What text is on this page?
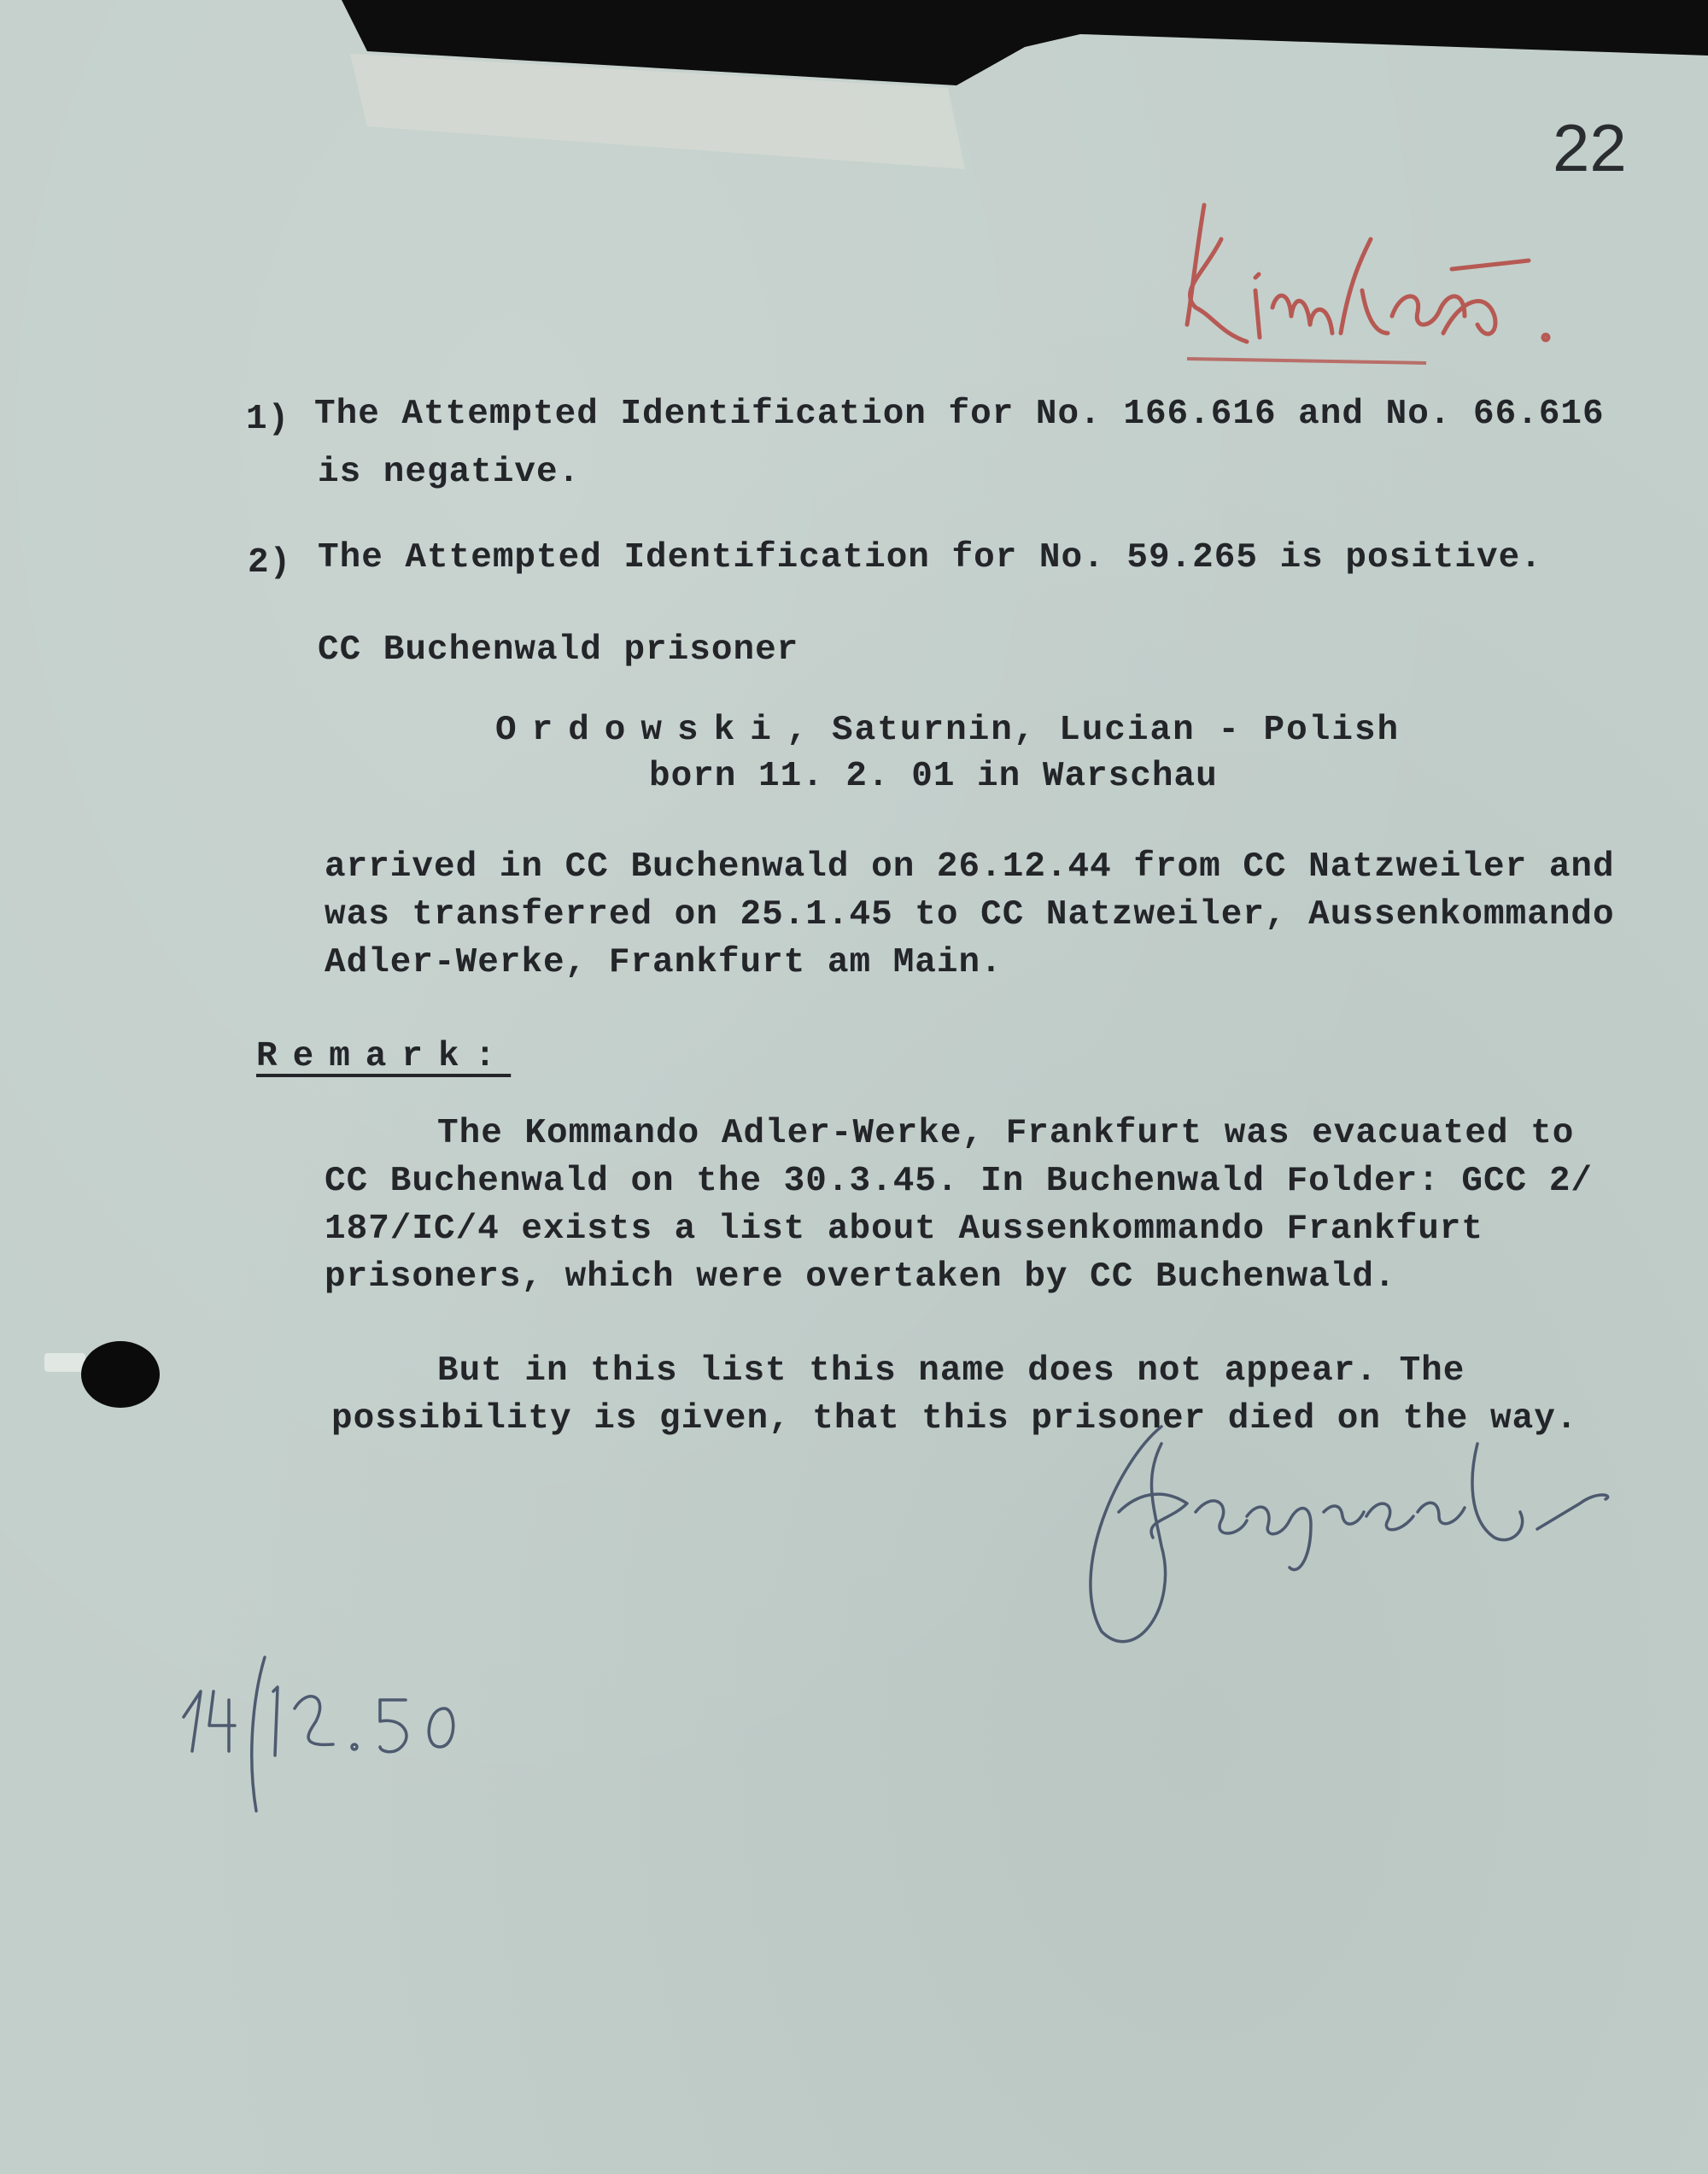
22

1) The Attempted Identification for No. 166.616 and No. 66.616

is negative.

2) The Attempted Identification for No. 59.265 is positive.

CC Buchenwald prisoner

Ordowski, Saturnin, Lucian - Polish

born 11. 2. 01 in Warschau

arrived in CC Buchenwald on 26.12.44 from CC Natzweiler and

was transferred on 25.1.45 to CC Natzweiler, Aussenkommando

Adler-Werke, Frankfurt am Main.

Remark:

The Kommando Adler-Werke, Frankfurt was evacuated to

CC Buchenwald on the 30.3.45. In Buchenwald Folder: GCC 2/

187/IC/4 exists a list about Aussenkommando Frankfurt

prisoners, which were overtaken by CC Buchenwald.

But in this list this name does not appear. The

possibility is given, that this prisoner died on the way.
